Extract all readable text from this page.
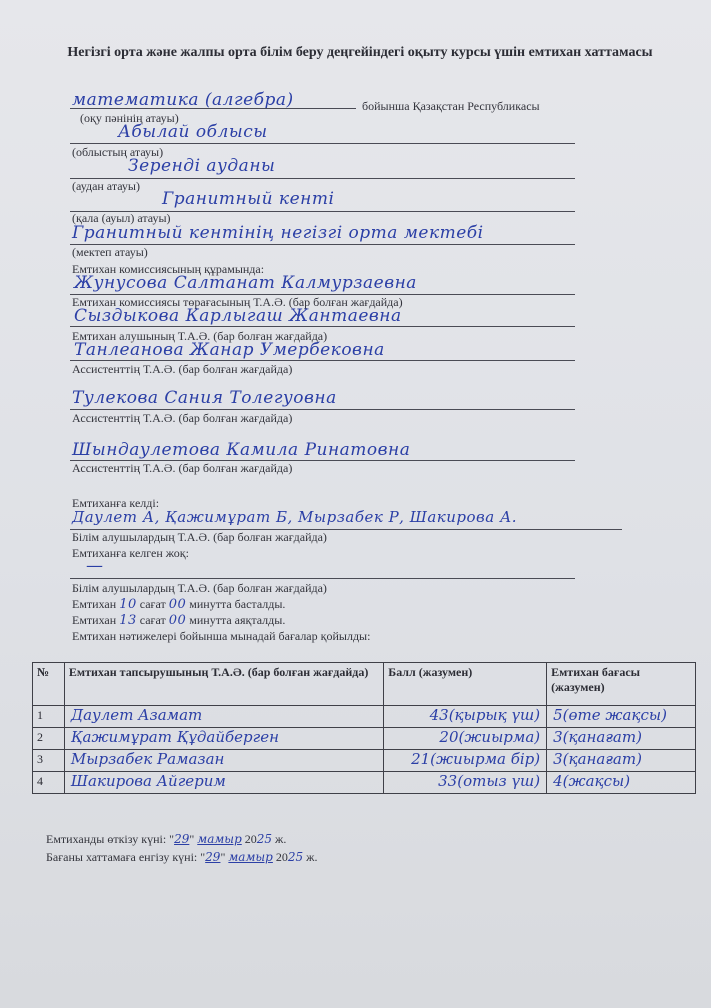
Негізгі орта және жалпы орта білім беру деңгейіндегі оқыту курсы үшін емтихан хаттамасы
математика (алгебра)	бойынша Қазақстан Республикасы
(оқу пәнінің атауы)
Абылай облысы
(облыстың атауы)
Зеренді ауданы
(аудан атауы)
Гранитный кенті
(қала (ауыл) атауы)
Гранитный кентінің негізгі орта мектебі
(мектеп атауы)
Емтихан комиссиясының құрамында:
Жунусова Салтанат Калмурзаевна
Емтихан комиссиясы төрағасының Т.А.Ә. (бар болған жағдайда)
Сыздыкова Карлыгаш Жантаевна
Емтихан алушының Т.А.Ә. (бар болған жағдайда)
Танлеанова Жанар Умербековна
Ассистенттің Т.А.Ә. (бар болған жағдайда)
Тулекова Сания Толегуовна
Ассистенттің Т.А.Ә. (бар болған жағдайда)
Шындаулетова Камила Ринатовна
Ассистенттің Т.А.Ә. (бар болған жағдайда)
Емтиханға келді:
Даулет А, Қажимұрат Б, Мырзабек Р, Шакирова А.
Білім алушылардың Т.А.Ә. (бар болған жағдайда)
Емтиханға келген жоқ:
—
Білім алушылардың Т.А.Ә. (бар болған жағдайда)
Емтихан 10 сағат 00 минутта басталды.
Емтихан 13 сағат 00 минутта аяқталды.
Емтихан нәтижелері бойынша мынадай бағалар қойылды:
№	Емтихан тапсырушының Т.А.Ә. (бар болған жағдайда)	Балл (жазумен)	Емтихан бағасы (жазумен)
1	Даулет Азамат	43(қырық үш)	5(өте жақсы)
2	Қажимұрат Құдайберген	20(жиырма)	3(қанағат)
3	Мырзабек Рамазан	21(жиырма бір)	3(қанағат)
4	Шакирова Айгерим	33(отыз үш)	4(жақсы)
Емтиханды өткізу күні: "29" мамыр 2025 ж.
Бағаны хаттамаға енгізу күні: "29" мамыр 2025 ж.
